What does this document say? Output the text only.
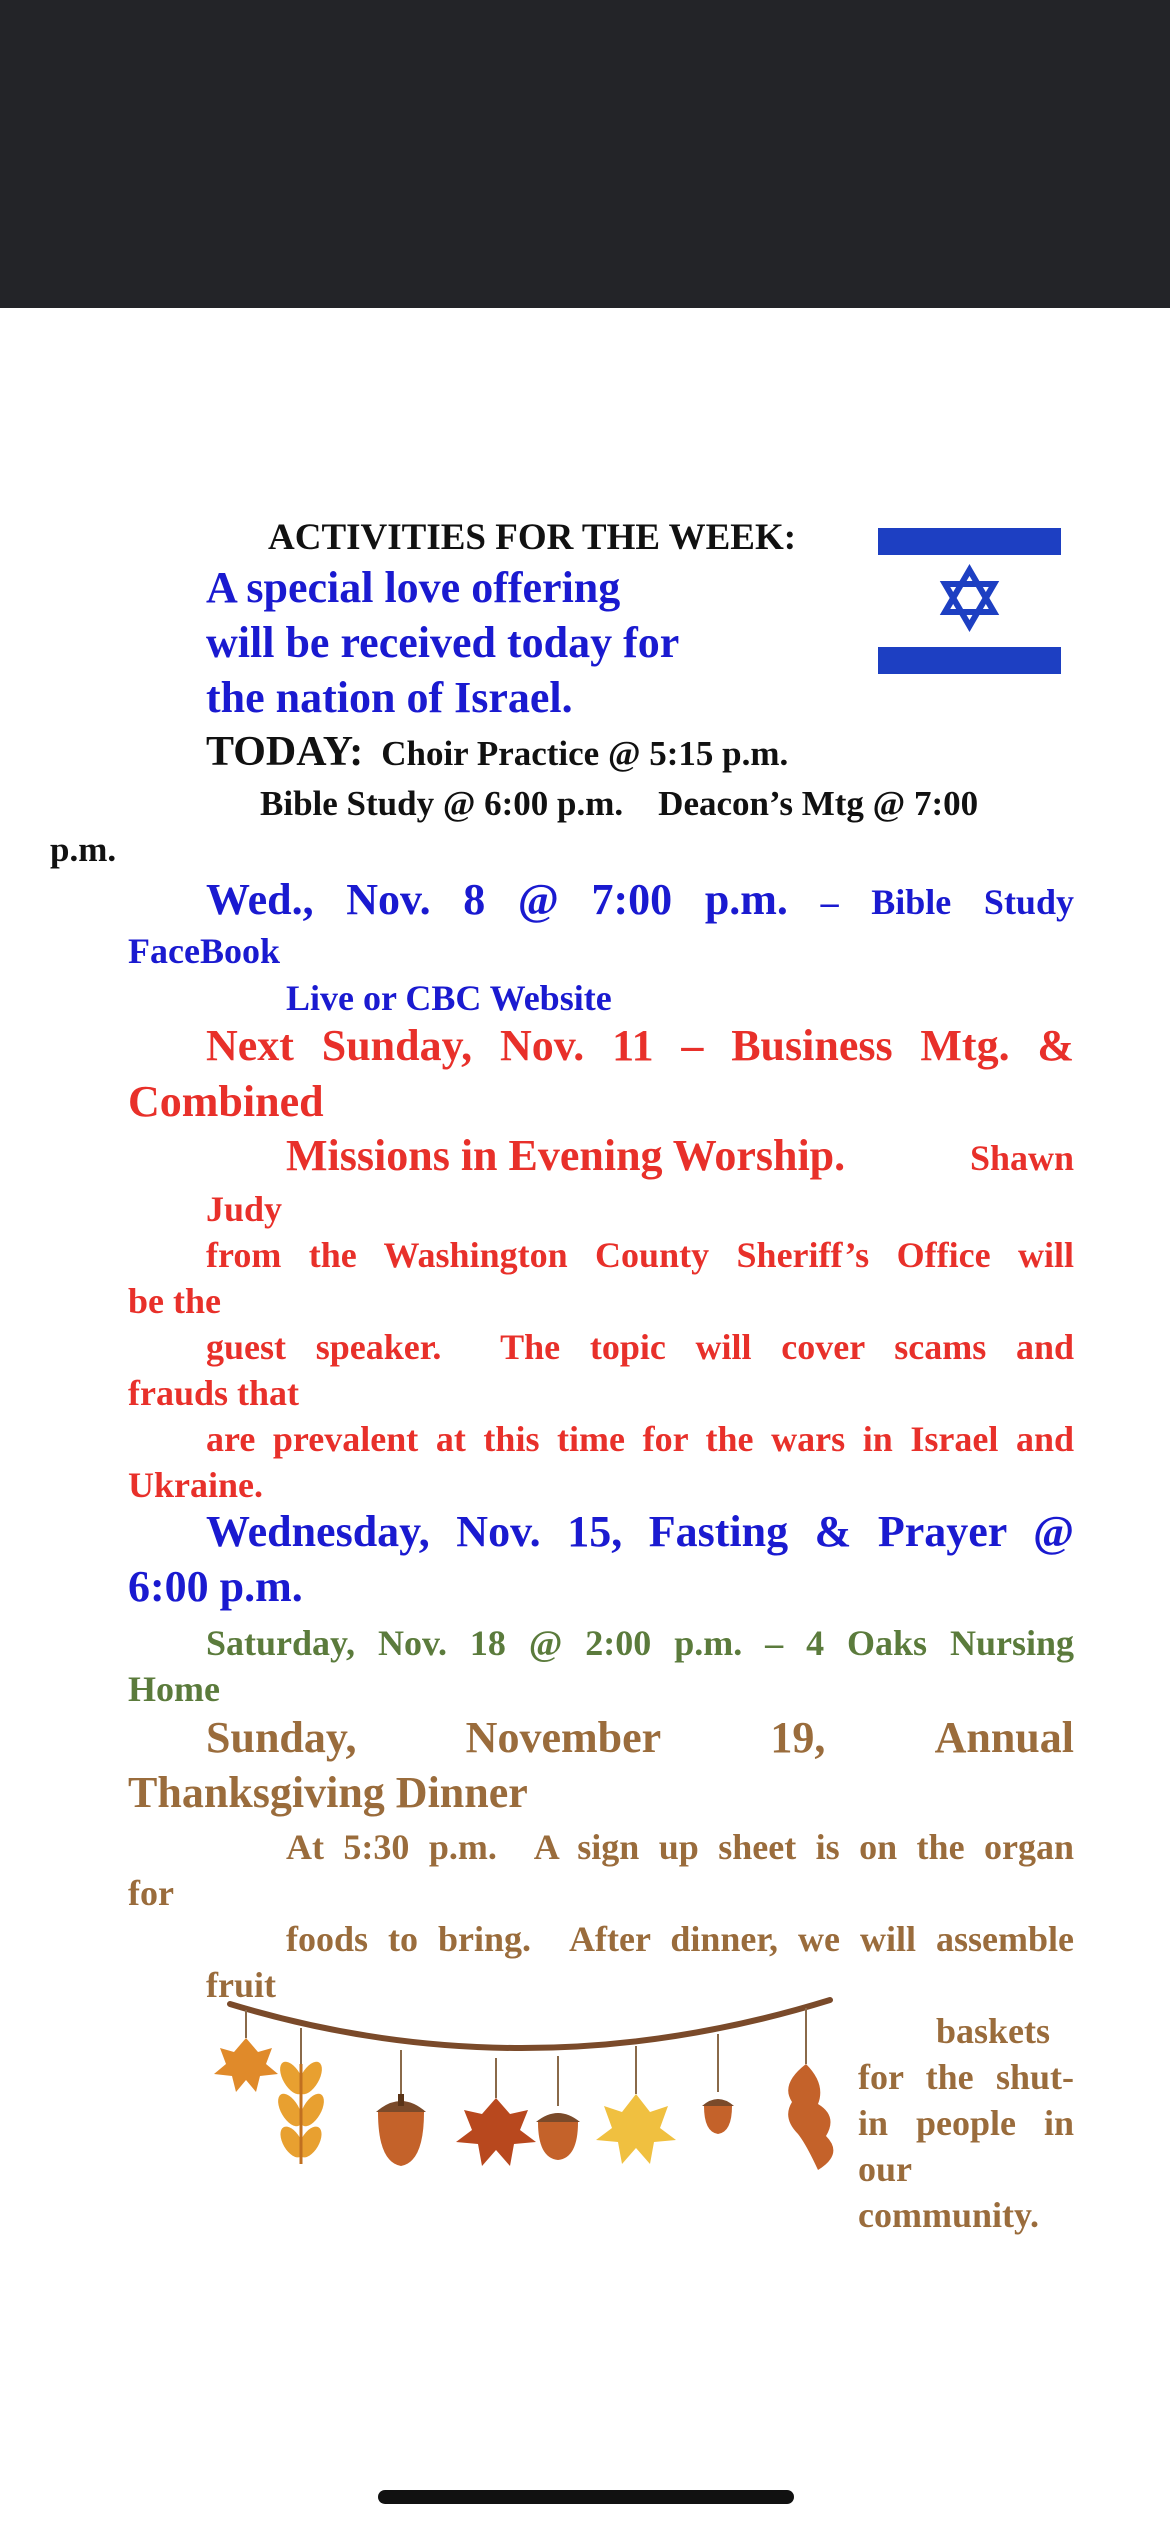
ACTIVITIES FOR THE WEEK:
A special love offering
will be received today for
the nation of Israel.
TODAY: Choir Practice @ 5:15 p.m.
Bible Study @ 6:00 p.m.    Deacon’s Mtg @ 7:00
p.m.
Wed., Nov. 8 @ 7:00 p.m. – Bible Study
FaceBook
Live or CBC Website
Next Sunday, Nov. 11 – Business Mtg. &
Combined
Missions in Evening Worship.	Shawn
Judy
from the Washington County Sheriff’s Office will
be the
guest speaker.  The topic will cover scams and
frauds that
are prevalent at this time for the wars in Israel and
Ukraine.
Wednesday, Nov. 15, Fasting & Prayer @
6:00 p.m.
Saturday, Nov. 18 @ 2:00 p.m. – 4 Oaks Nursing
Home
Sunday, November 19, Annual
Thanksgiving Dinner
At 5:30 p.m.  A sign up sheet is on the organ
for
foods to bring.  After dinner, we will assemble
fruit
baskets
for the shut-
in people in
our
community.
